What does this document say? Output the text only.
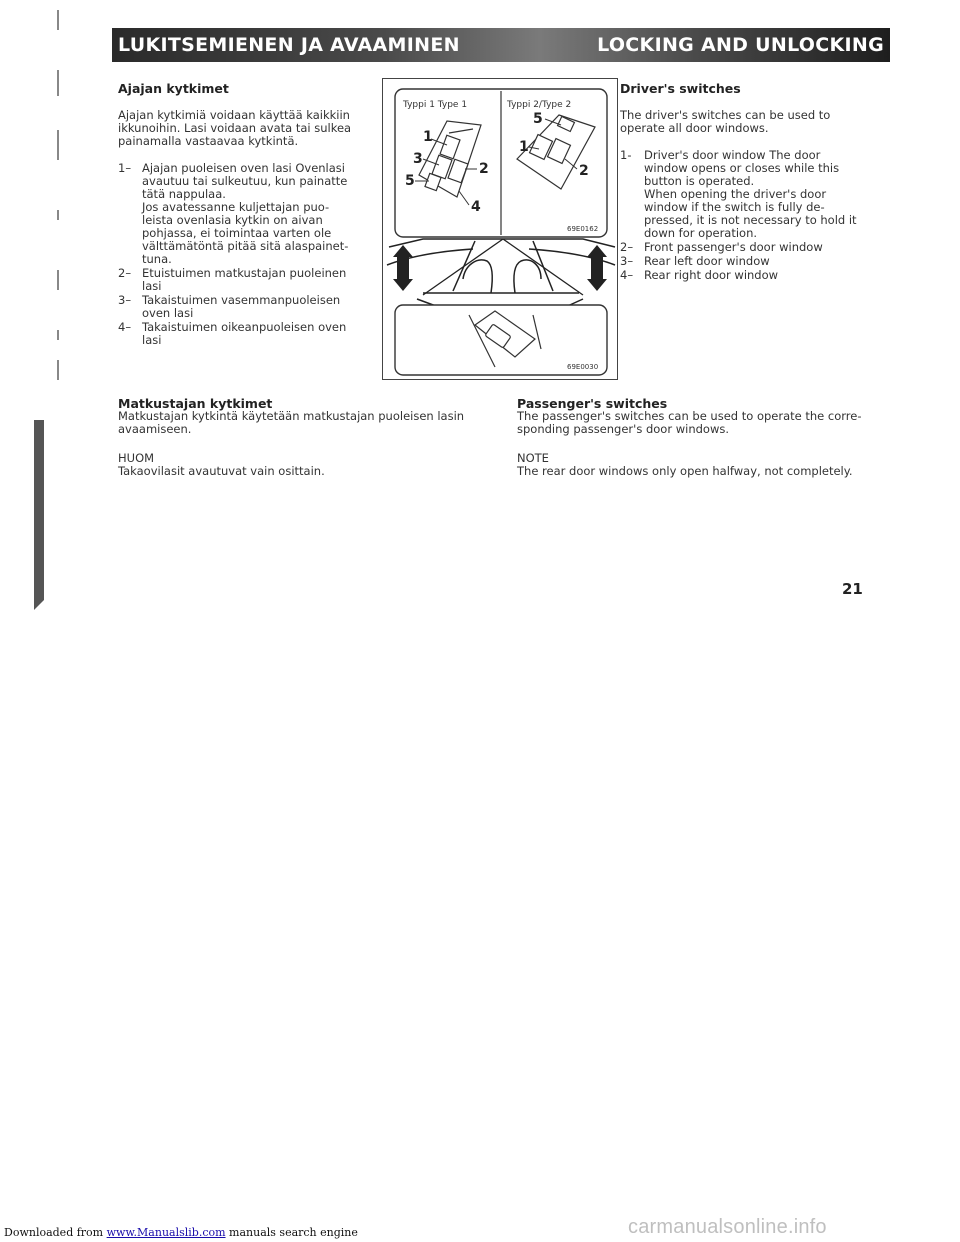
LUKITSEMIENEN JA AVAAMINEN	LOCKING AND UNLOCKING
Ajajan kytkimet

Ajajan kytkimiä voidaan käyttää kaikkiin
ikkunoihin. Lasi voidaan avata tai sulkea
painamalla vastaavaa kytkintä.

1– Ajajan puoleisen oven lasi Ovenlasi
avautuu tai sulkeutuu, kun painatte
tätä nappulaa.
Jos avatessanne kuljettajan puo-
leista ovenlasia kytkin on aivan
pohjassa, ei toimintaa varten ole
välttämätöntä pitää sitä alaspainet-
tuna.
2– Etuistuimen matkustajan puoleinen
lasi
3– Takaistuimen vasemmanpuoleisen
oven lasi
4– Takaistuimen oikeanpuoleisen oven
lasi
Typpi 1 Type 1	Typpi 2/Type 2
1
3
5
2
4
5
1
2
69E0162
69E0030
Driver's switches

The driver's switches can be used to
operate all door windows.

1-	Driver's door window The door
window opens or closes while this
button is operated.
When opening the driver's door
window if the switch is fully de-
pressed, it is not necessary to hold it
down for operation.
2– Front passenger's door window
3– Rear left door window
4– Rear right door window
Matkustajan kytkimet

Matkustajan kytkintä käytetään matkustajan puoleisen lasin
avaamiseen.

HUOM
Takaovilasit avautuvat vain osittain.
Passenger's switches

The passenger's switches can be used to operate the corre-
sponding passenger's door windows.

NOTE
The rear door windows only open halfway, not completely.
21
Downloaded from www.Manualslib.com manuals search engine	carmanualsonline.info
